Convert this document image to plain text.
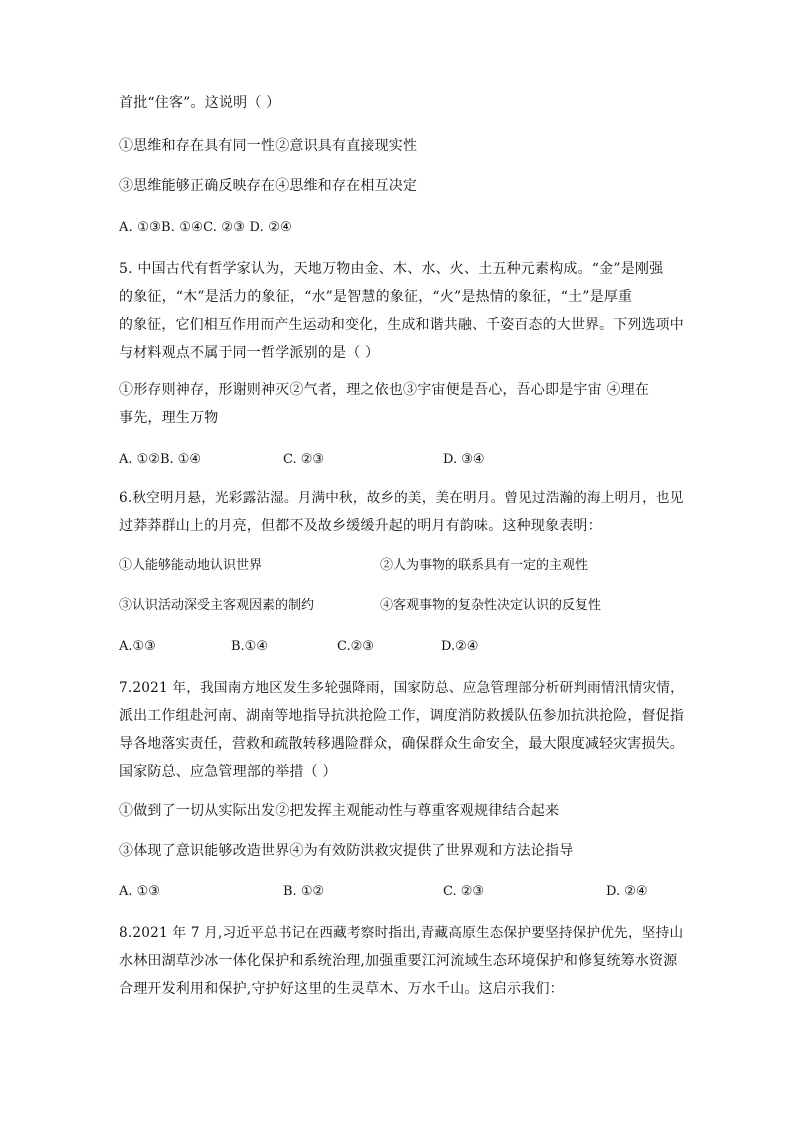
首批“住客”。这说明（ ）
①思维和存在具有同一性②意识具有直接现实性
③思维能够正确反映存在④思维和存在相互决定
A. ①③B. ①④C. ②③ D. ②④
5. 中国古代有哲学家认为，天地万物由金、木、水、火、土五种元素构成。“金”是刚强
的象征，“木”是活力的象征，“水”是智慧的象征，“火”是热情的象征，“土”是厚重
的象征，它们相互作用而产生运动和变化，生成和谐共融、千姿百态的大世界。下列选项中
与材料观点不属于同一哲学派别的是（ ）
①形存则神存，形谢则神灭②气者，理之依也③宇宙便是吾心，吾心即是宇宙 ④理在
事先，理生万物
A. ①②B. ①④	C. ②③	D. ③④
6.秋空明月悬，光彩露沾湿。月满中秋，故乡的美，美在明月。曾见过浩瀚的海上明月，也见
过莽莽群山上的月亮，但都不及故乡缓缓升起的明月有韵味。这种现象表明：
①人能够能动地认识世界	②人为事物的联系具有一定的主观性
③认识活动深受主客观因素的制约	④客观事物的复杂性决定认识的反复性
A.①③	B.①④	C.②③	D.②④
7.2021 年，我国南方地区发生多轮强降雨，国家防总、应急管理部分析研判雨情汛情灾情，
派出工作组赴河南、湖南等地指导抗洪抢险工作，调度消防救援队伍参加抗洪抢险，督促指
导各地落实责任，营救和疏散转移遇险群众，确保群众生命安全，最大限度减轻灾害损失。
国家防总、应急管理部的举措（ ）
①做到了一切从实际出发②把发挥主观能动性与尊重客观规律结合起来
③体现了意识能够改造世界④为有效防洪救灾提供了世界观和方法论指导
A. ①③	B. ①②	C. ②③	D. ②④
8.2021 年 7 月,习近平总书记在西藏考察时指出,青藏高原生态保护要坚持保护优先，坚持山
水林田湖草沙冰一体化保护和系统治理,加强重要江河流域生态环境保护和修复统筹水资源
合理开发利用和保护,守护好这里的生灵草木、万水千山。这启示我们：
